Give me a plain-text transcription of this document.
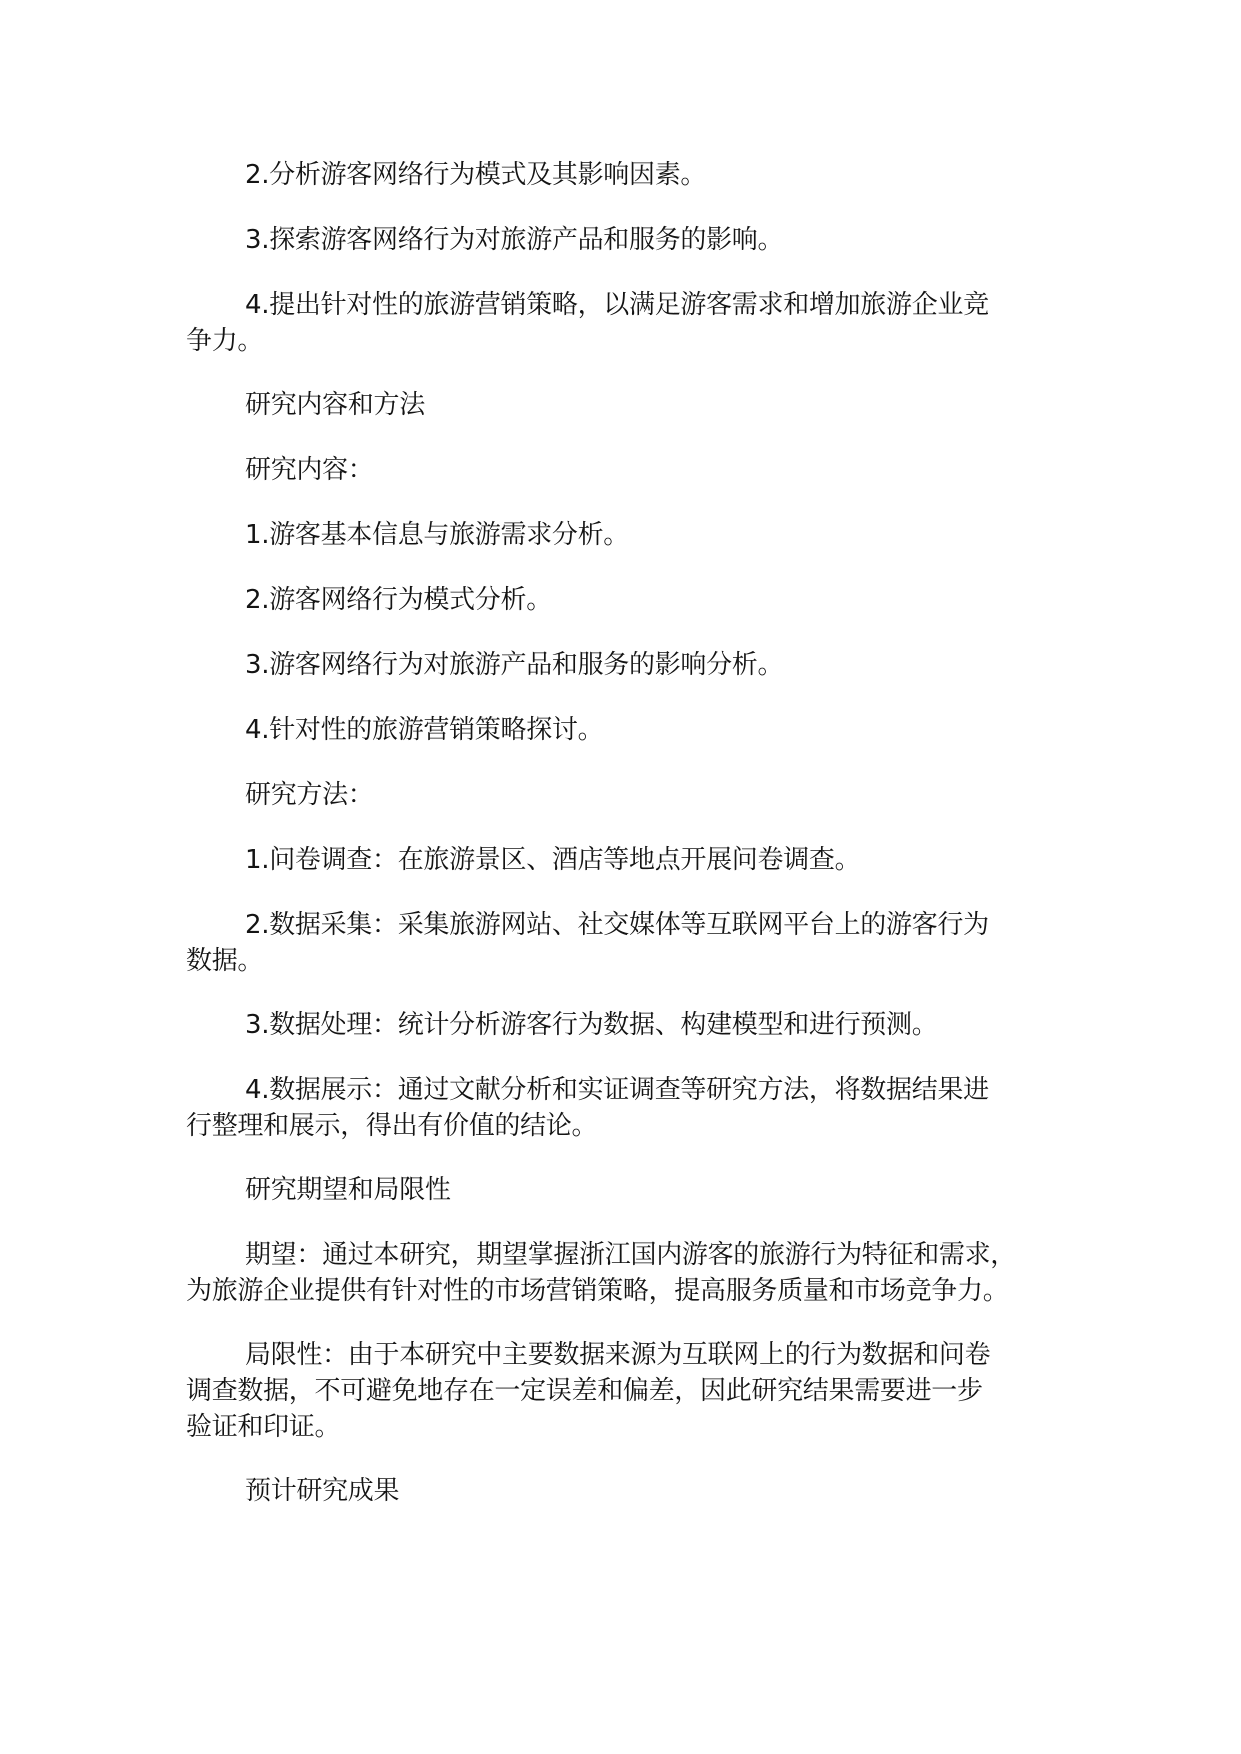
2.分析游客网络行为模式及其影响因素。

3.探索游客网络行为对旅游产品和服务的影响。

4.提出针对性的旅游营销策略，以满足游客需求和增加旅游企业竞
争力。

研究内容和方法

研究内容：

1.游客基本信息与旅游需求分析。

2.游客网络行为模式分析。

3.游客网络行为对旅游产品和服务的影响分析。

4.针对性的旅游营销策略探讨。

研究方法：

1.问卷调查：在旅游景区、酒店等地点开展问卷调查。

2.数据采集：采集旅游网站、社交媒体等互联网平台上的游客行为
数据。

3.数据处理：统计分析游客行为数据、构建模型和进行预测。

4.数据展示：通过文献分析和实证调查等研究方法，将数据结果进
行整理和展示，得出有价值的结论。

研究期望和局限性

期望：通过本研究，期望掌握浙江国内游客的旅游行为特征和需求，
为旅游企业提供有针对性的市场营销策略，提高服务质量和市场竞争力。

局限性：由于本研究中主要数据来源为互联网上的行为数据和问卷
调查数据，不可避免地存在一定误差和偏差，因此研究结果需要进一步
验证和印证。

预计研究成果
